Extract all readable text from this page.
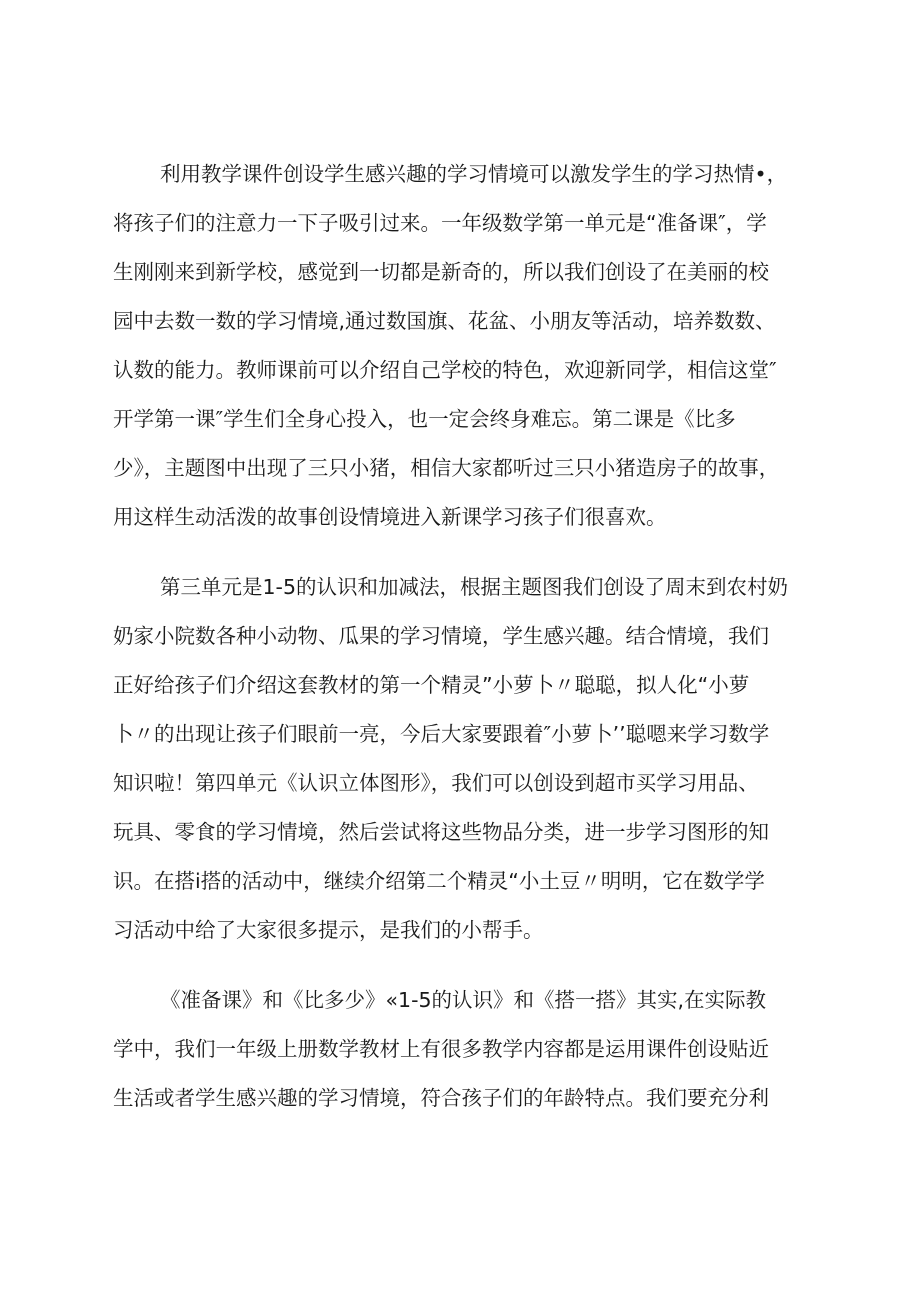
利用教学课件创设学生感兴趣的学习情境可以激发学生的学习热情•，
将孩子们的注意力一下子吸引过来。一年级数学第一单元是“准备课″，学
生刚刚来到新学校，感觉到一切都是新奇的，所以我们创设了在美丽的校
园中去数一数的学习情境,通过数国旗、花盆、小朋友等活动，培养数数、
认数的能力。教师课前可以介绍自己学校的特色，欢迎新同学，相信这堂″
开学第一课″学生们全身心投入，也一定会终身难忘。第二课是《比多
少》，主题图中出现了三只小猪，相信大家都听过三只小猪造房子的故事，
用这样生动活泼的故事创设情境进入新课学习孩子们很喜欢。
第三单元是1-5的认识和加减法，根据主题图我们创设了周末到农村奶
奶家小院数各种小动物、瓜果的学习情境，学生感兴趣。结合情境，我们
正好给孩子们介绍这套教材的第一个精灵”小萝卜〃聪聪，拟人化“小萝
卜〃的出现让孩子们眼前一亮，今后大家要跟着″小萝卜’’聪嗯来学习数学
知识啦！第四单元《认识立体图形》，我们可以创设到超市买学习用品、
玩具、零食的学习情境，然后尝试将这些物品分类，进一步学习图形的知
识。在搭i搭的活动中，继续介绍第二个精灵“小土豆〃明明，它在数学学
习活动中给了大家很多提示，是我们的小帮手。
《准备课》和《比多少》«1-5的认识》和《搭一搭》其实,在实际教
学中，我们一年级上册数学教材上有很多教学内容都是运用课件创设贴近
生活或者学生感兴趣的学习情境，符合孩子们的年龄特点。我们要充分利
